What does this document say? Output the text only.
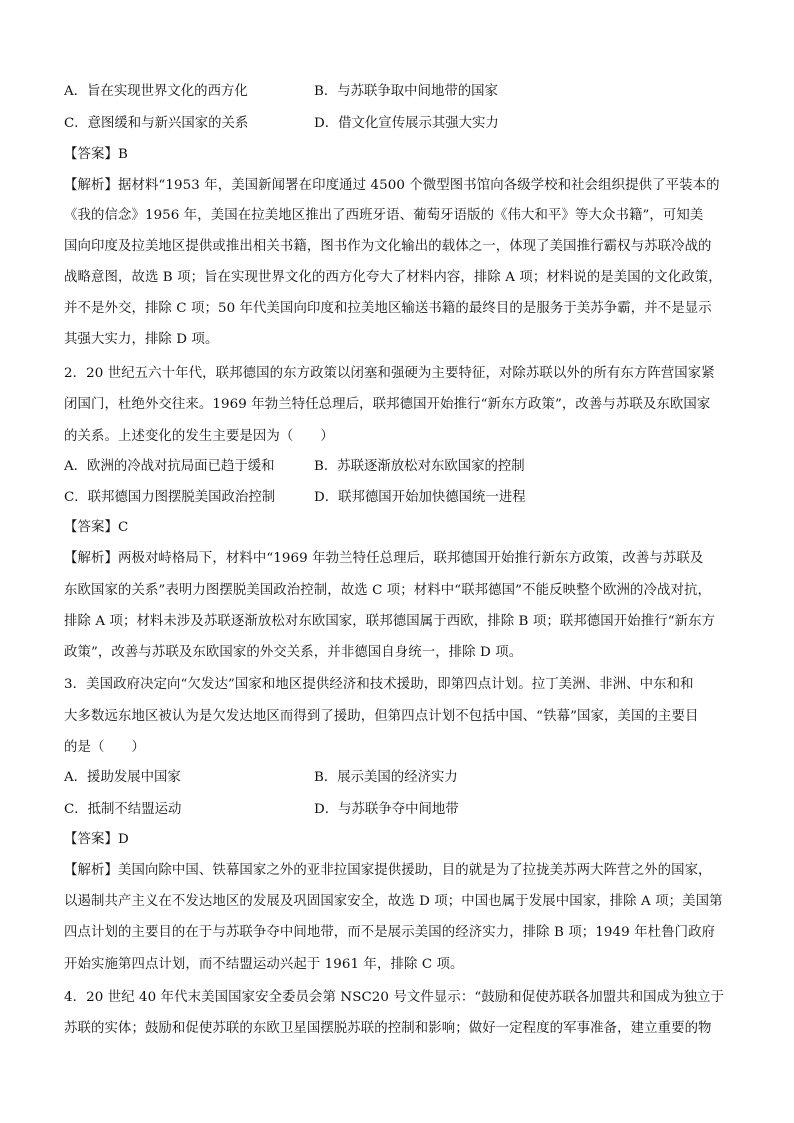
A．旨在实现世界文化的西方化	B．与苏联争取中间地带的国家
C．意图缓和与新兴国家的关系	D．借文化宣传展示其强大实力
【答案】B
【解析】据材料“1953 年，美国新闻署在印度通过 4500 个微型图书馆向各级学校和社会组织提供了平装本的
《我的信念》1956 年，美国在拉美地区推出了西班牙语、葡萄牙语版的《伟大和平》等大众书籍”，可知美
国向印度及拉美地区提供或推出相关书籍，图书作为文化输出的载体之一，体现了美国推行霸权与苏联冷战的
战略意图，故选 B 项；旨在实现世界文化的西方化夸大了材料内容，排除 A 项；材料说的是美国的文化政策，
并不是外交，排除 C 项；50 年代美国向印度和拉美地区输送书籍的最终目的是服务于美苏争霸，并不是显示
其强大实力，排除 D 项。
2．20 世纪五六十年代，联邦德国的东方政策以闭塞和强硬为主要特征，对除苏联以外的所有东方阵营国家紧
闭国门，杜绝外交往来。1969 年勃兰特任总理后，联邦德国开始推行“新东方政策”，改善与苏联及东欧国家
的关系。上述变化的发生主要是因为（　　）
A．欧洲的冷战对抗局面已趋于缓和	B．苏联逐渐放松对东欧国家的控制
C．联邦德国力图摆脱美国政治控制	D．联邦德国开始加快德国统一进程
【答案】C
【解析】两极对峙格局下，材料中“1969 年勃兰特任总理后，联邦德国开始推行新东方政策，改善与苏联及
东欧国家的关系”表明力图摆脱美国政治控制，故选 C 项；材料中“联邦德国”不能反映整个欧洲的冷战对抗，
排除 A 项；材料未涉及苏联逐渐放松对东欧国家，联邦德国属于西欧，排除 B 项；联邦德国开始推行“新东方
政策”，改善与苏联及东欧国家的外交关系，并非德国自身统一，排除 D 项。
3．美国政府决定向“欠发达”国家和地区提供经济和技术援助，即第四点计划。拉丁美洲、非洲、中东和和
大多数远东地区被认为是欠发达地区而得到了援助，但第四点计划不包括中国、“铁幕”国家，美国的主要目
的是（　　）
A．援助发展中国家	B．展示美国的经济实力
C．抵制不结盟运动	D．与苏联争夺中间地带
【答案】D
【解析】美国向除中国、铁幕国家之外的亚非拉国家提供援助，目的就是为了拉拢美苏两大阵营之外的国家，
以遏制共产主义在不发达地区的发展及巩固国家安全，故选 D 项；中国也属于发展中国家，排除 A 项；美国第
四点计划的主要目的在于与苏联争夺中间地带，而不是展示美国的经济实力，排除 B 项；1949 年杜鲁门政府
开始实施第四点计划，而不结盟运动兴起于 1961 年，排除 C 项。
4．20 世纪 40 年代末美国国家安全委员会第 NSC20 号文件显示：“鼓励和促使苏联各加盟共和国成为独立于
苏联的实体；鼓励和促使苏联的东欧卫星国摆脱苏联的控制和影响；做好一定程度的军事准备，建立重要的物
